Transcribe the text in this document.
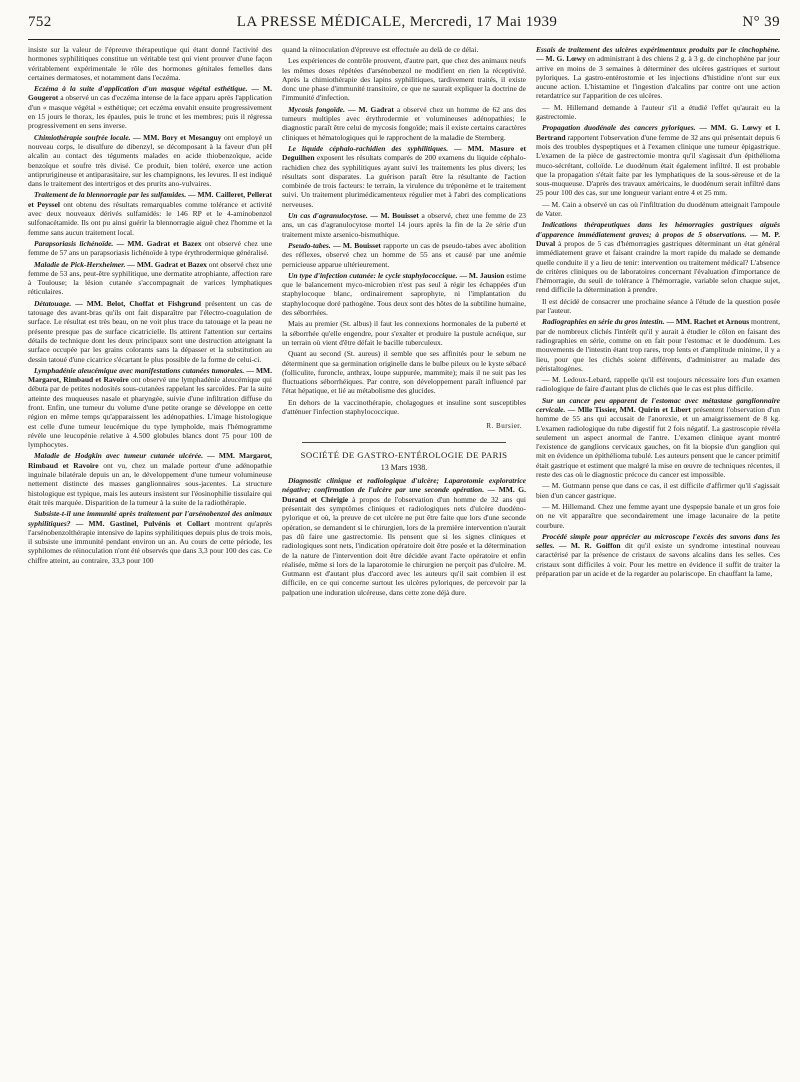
752	LA PRESSE MÉDICALE, Mercredi, 17 Mai 1939	N° 39

insiste sur la valeur de l'épreuve thérapeutique qui étant donné l'activité des hormones syphilitiques constitue un véritable test qui vient prouver d'une façon véritablement expérimentale le rôle des hormones génitales femelles dans certaines dermatoses, et notamment dans l'eczéma.

Eczéma à la suite d'application d'un masque végétal esthétique. — M. Gougerot a observé un cas d'eczéma intense de la face apparu après l'application d'un « masque végétal » esthétique; cet eczéma envahit ensuite progressivement en 15 jours le thorax, les épaules, puis le tronc et les membres; puis il régressa progressivement en sens inverse.

Chimiothérapie soufrée locale. — MM. Bory et Mesanguy ont employé un nouveau corps, le disulfure de dibenzyl, se décomposant à la faveur d'un pH alcalin au contact des téguments malades en acide thiobenzoïque, acide benzoïque et soufre très divisé. Ce produit, bien toléré, exerce une action antiprurigineuse et antiparasitaire, sur les champignons, les levures. Il est indiqué dans le traitement des intertrigos et des prurits ano-vulvaires.

Traitement de la blennorragie par les sulfamides. — MM. Cailleret, Pellerat et Peyssel ont obtenu des résultats remarquables comme tolérance et activité avec deux nouveaux dérivés sulfamidés: le 146 RP et le 4-aminobenzol sulfonacétamide. Ils ont pu ainsi guérir la blennorragie aiguë chez l'homme et la femme sans aucun traitement local.

Parapsoriasis lichénoïde. — MM. Gadrat et Bazex ont observé chez une femme de 57 ans un parapsoriasis lichénoïde à type érythrodermique généralisé.

Maladie de Pick-Herxheimer. — MM. Gadrat et Bazex ont observé chez une femme de 53 ans, peut-être syphilitique, une dermatite atrophiante, affection rare à Toulouse; la lésion cutanée s'accompagnait de varices lymphatiques réticulaires.

Détatouage. — MM. Belot, Choffat et Fishgrund présentent un cas de tatouage des avant-bras qu'ils ont fait disparaître par l'électro-coagulation de surface. Le résultat est très beau, on ne voit plus trace du tatouage et la peau ne présente presque pas de surface cicatricielle. Ils attirent l'attention sur certains détails de technique dont les deux principaux sont une destruction atteignant la surface occupée par les grains colorants sans la dépasser et la substitution au dessin tatoué d'une cicatrice s'écartant le plus possible de la forme de celui-ci.

Lymphadénie aleucémique avec manifestations cutanées tumorales. — MM. Margarot, Rimbaud et Ravoire ont observé une lymphadénie aleucémique qui débuta par de petites nodosités sous-cutanées rappelant les sarcoïdes. Par la suite atteinte des muqueuses nasale et pharyngée, suivie d'une infiltration diffuse du front. Enfin, une tumeur du volume d'une petite orange se développe en cette région en même temps qu'apparaissent les adénopathies. L'image histologique est celle d'une tumeur leucémique du type lymphoïde, mais l'hémogramme révèle une leucopénie relative à 4.500 globules blancs dont 75 pour 100 de lymphocytes.

Maladie de Hodgkin avec tumeur cutanée ulcérée. — MM. Margarot, Rimbaud et Ravoire ont vu, chez un malade porteur d'une adénopathie inguinale bilatérale depuis un an, le développement d'une tumeur volumineuse nettement distincte des masses ganglionnaires sous-jacentes. La structure histologique est typique, mais les auteurs insistent sur l'éosinophilie tissulaire qui était très marquée. Disparition de la tumeur à la suite de la radiothérapie.

Subsiste-t-il une immunité après traitement par l'arsénobenzol des animaux syphilitiques? — MM. Gastinel, Pulvénis et Collart montrent qu'après l'arsénobenzolthérapie intensive de lapins syphilitiques depuis plus de trois mois, il subsiste une immunité pendant environ un an. Au cours de cette période, les syphilomes de réinoculation n'ont été observés que dans 3,3 pour 100 des cas. Ce chiffre atteint, au contraire, 33,3 pour 100

quand la réinoculation d'épreuve est effectuée au delà de ce délai.

Les expériences de contrôle prouvent, d'autre part, que chez des animaux neufs les mêmes doses répétées d'arsénobenzol ne modifient en rien la réceptivité. Après la chimiothérapie des lapins syphilitiques, tardivement traités, il existe donc une phase d'immunité transitoire, ce que ne saurait expliquer la doctrine de l'immunité d'infection.

Mycosis fongoïde. — M. Gadrat a observé chez un homme de 62 ans des tumeurs multiples avec érythrodermie et volumineuses adénopathies; le diagnostic paraît être celui de mycosis fongoïde; mais il existe certains caractères cliniques et hématologiques qui le rapprochent de la maladie de Sternberg.

Le liquide céphalo-rachidien des syphilitiques. — MM. Masure et Deguilhen exposent les résultats comparés de 200 examens du liquide céphalo-rachidien chez des syphilitiques ayant suivi les traitements les plus divers; les résultats sont disparates. La guérison paraît être la résultante de l'action combinée de trois facteurs: le terrain, la virulence du tréponème et le traitement suivi. Un traitement plurimédicamenteux régulier met à l'abri des complications nerveuses.

Un cas d'agranulocytose. — M. Bouisset a observé, chez une femme de 23 ans, un cas d'agranulocytose mortel 14 jours après la fin de la 2e série d'un traitement mixte arsenico-bismuthique.

Pseudo-tabes. — M. Bouisset rapporte un cas de pseudo-tabes avec abolition des réflexes, observé chez un homme de 55 ans et causé par une anémie pernicieuse apparue ultérieurement.

Un type d'infection cutanée: le cycle staphylococcique. — M. Jausion estime que le balancement myco-microbien n'est pas seul à régir les échappées d'un staphylocoque blanc, ordinairement saprophyte, ni l'implantation du staphylocoque doré pathogène. Tous deux sont des hôtes de la subtiline humaine, des séborrhées.

Mais au premier (St. albus) il faut les connexions hormonales de la puberté et la séborrhée qu'elle engendre, pour s'exalter et produire la pustule acnéique, sur un terrain où vient d'être défait le bacille tuberculeux.

Quant au second (St. aureus) il semble que ses affinités pour le sebum ne déterminent que sa germination originelle dans le bulbe pileux ou le kyste sébacé (folliculite, furoncle, anthrax, loupe suppurée, mammite); mais il ne suit pas les fluctuations séborrhéiques. Par contre, son développement paraît influencé par l'état hépatique, et lié au métabolisme des glucides.

En dehors de la vaccinothérapie, cholagogues et insuline sont susceptibles d'atténuer l'infection staphylococcique.

R. Bursier.
SOCIÉTÉ DE GASTRO-ENTÉROLOGIE DE PARIS
13 Mars 1938.

Diagnostic clinique et radiologique d'ulcère; Laparotomie exploratrice négative; confirmation de l'ulcère par une seconde opération. — MM. G. Durand et Chérigie à propos de l'observation d'un homme de 32 ans qui présentait des symptômes cliniques et radiologiques nets d'ulcère duodéno-pylorique et où, la preuve de cet ulcère ne put être faite que lors d'une seconde opération, se demandent si le chirurgien, lors de la première intervention n'aurait pas dû faire une gastrectomie. Ils pensent que si les signes cliniques et radiologiques sont nets, l'indication opératoire doit être posée et la détermination de la nature de l'intervention doit être décidée avant l'acte opératoire et enfin réalisée, même si lors de la laparotomie le chirurgien ne perçoit pas d'ulcère. M. Gutmann est d'autant plus d'accord avec les auteurs qu'il sait combien il est difficile, en ce qui concerne surtout les ulcères pyloriques, de percevoir par la palpation une induration ulcéreuse, dans cette zone déjà dure.

Essais de traitement des ulcères expérimentaux produits par le cinchophène. — M. G. Lœwy en administrant à des chiens 2 g. à 3 g. de cinchophène par jour arrive en moins de 3 semaines à déterminer des ulcères gastriques et surtout pyloriques. La gastro-entérostomie et les injections d'histidine n'ont sur eux aucune action. L'histamine et l'ingestion d'alcalins par contre ont une action retardatrice sur l'apparition de ces ulcères.

— M. Hillemand demande à l'auteur s'il a étudié l'effet qu'aurait eu la gastrectomie.

Propagation duodénale des cancers pyloriques. — MM. G. Lœwy et I. Bertrand rapportent l'observation d'une femme de 32 ans qui présentait depuis 6 mois des troubles dyspeptiques et à l'examen clinique une tumeur épigastrique. L'examen de la pièce de gastrectomie montra qu'il s'agissait d'un épithélioma muco-sécrétant, colloïde. Le duodénum était également infiltré. Il est probable que la propagation s'était faite par les lymphatiques de la sous-séreuse et de la sous-muqueuse. D'après des travaux américains, le duodénum serait infiltré dans 25 pour 100 des cas, sur une longueur variant entre 4 et 25 mm.

— M. Cain a observé un cas où l'infiltration du duodénum atteignait l'ampoule de Vater.

Indications thérapeutiques dans les hémorragies gastriques aiguës d'apparence immédiatement graves; à propos de 5 observations. — M. P. Duval à propos de 5 cas d'hémorragies gastriques déterminant un état général immédiatement grave et faisant craindre la mort rapide du malade se demande quelle conduite il y a lieu de tenir: intervention ou traitement médical? L'absence de critères cliniques ou de laboratoires concernant l'évaluation d'importance de l'hémorragie, du seuil de tolérance à l'hémorragie, variable selon chaque sujet, rend difficile la détermination à prendre.

Il est décidé de consacrer une prochaine séance à l'étude de la question posée par l'auteur.

Radiographies en série du gros intestin. — MM. Rachet et Arnous montrent, par de nombreux clichés l'intérêt qu'il y aurait à étudier le côlon en faisant des radiographies en série, comme on en fait pour l'estomac et le duodénum. Les mouvements de l'intestin étant trop rares, trop lents et d'amplitude minime, il y a lieu, pour que les clichés soient différents, d'administrer au malade des péristaltogènes.

— M. Ledoux-Lebard, rappelle qu'il est toujours nécessaire lors d'un examen radiologique de faire d'autant plus de clichés que le cas est plus difficile.

Sur un cancer peu apparent de l'estomac avec métastase ganglionnaire cervicale. — Mlle Tissier, MM. Quirin et Libert présentent l'observation d'un homme de 55 ans qui accusait de l'anorexie, et un amaigrissement de 8 kg. L'examen radiologique du tube digestif fut 2 fois négatif. La gastroscopie révéla seulement un aspect anormal de l'antre. L'examen clinique ayant montré l'existence de ganglions cervicaux gauches, on fit la biopsie d'un ganglion qui mit en évidence un épithélioma tubulé. Les auteurs pensent que le cancer primitif était gastrique et estiment que malgré la mise en œuvre de techniques récentes, il reste des cas où le diagnostic précoce du cancer est impossible.

— M. Gutmann pense que dans ce cas, il est difficile d'affirmer qu'il s'agissait bien d'un cancer gastrique.

— M. Hillemand. Chez une femme ayant une dyspepsie banale et un gros foie on ne vit apparaître que secondairement une image lacunaire de la petite courbure.

Procédé simple pour apprécier au microscope l'excès des savons dans les selles. — M. R. Goiffon dit qu'il existe un syndrome intestinal nouveau caractérisé par la présence de cristaux de savons alcalins dans les selles. Ces cristaux sont difficiles à voir. Pour les mettre en évidence il suffit de traiter la préparation par un acide et de la regarder au polariscope. En chauffant la lame,
